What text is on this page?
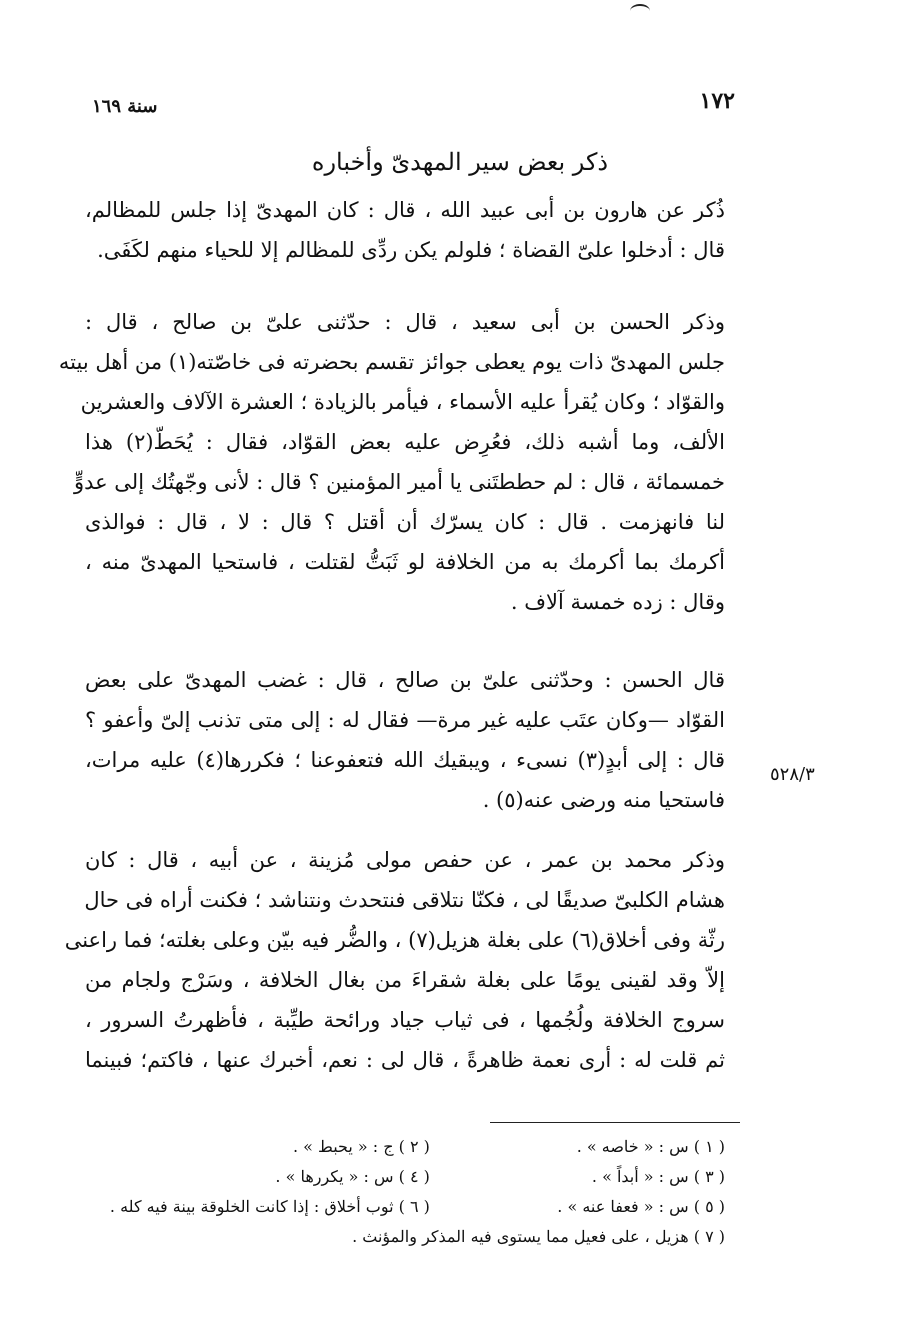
١٧٢
سنة ١٦٩
ذكر بعض سير المهدىّ وأخباره
ذُكر عن هارون بن أبى عبيد الله ، قال : كان المهدىّ إذا جلس للمظالم،
قال : أدخلوا علىّ القضاة ؛ فلولم يكن ردِّى للمظالم إلا للحياء منهم لكَفَى.
وذكر الحسن بن أبى سعيد ، قال : حدّثنى علىّ بن صالح ، قال :
جلس المهدىّ ذات يوم يعطى جوائز تقسم بحضرته فى خاصّته(١) من أهل بيته
والقوّاد ؛ وكان يُقرأ عليه الأسماء ، فيأمر بالزيادة ؛ العشرة الآلاف والعشرين
الألف، وما أشبه ذلك، فعُرِض عليه بعض القوّاد، فقال : يُحَطّ(٢) هذا
خمسمائة ، قال : لم حططتَنى يا أمير المؤمنين ؟ قال : لأنى وجّهتُك إلى عدوٍّ
لنا فانهزمت . قال : كان يسرّك أن أقتل ؟ قال : لا ، قال : فوالذى
أكرمك بما أكرمك به من الخلافة لو ثَبَتُّ لقتلت ، فاستحيا المهدىّ منه ،
وقال : زده خمسة آلاف .
قال الحسن : وحدّثنى علىّ بن صالح ، قال : غضب المهدىّ على بعض
القوّاد —وكان عتَب عليه غير مرة— فقال له : إلى متى تذنب إلىّ وأعفو ؟
قال : إلى أبدٍ(٣) نسىء ، ويبقيك الله فتعفوعنا ؛ فكررها(٤) عليه مرات،
فاستحيا منه ورضى عنه(٥) .
٥٢٨/٣
وذكر محمد بن عمر ، عن حفص مولى مُزينة ، عن أبيه ، قال : كان
هشام الكلبىّ صديقًا لى ، فكنّا نتلاقى فنتحدث ونتناشد ؛ فكنت أراه فى حال
رثّة وفى أخلاق(٦) على بغلة هزيل(٧) ، والضُّر فيه بيّن وعلى بغلته؛ فما راعنى
إلاّ وقد لقينى يومًا على بغلة شقراءَ من بغال الخلافة ، وسَرْج ولجام من
سروج الخلافة ولُجُمها ، فى ثياب جياد ورائحة طيِّبة ، فأظهرتُ السرور ،
ثم قلت له : أرى نعمة ظاهرةً ، قال لى : نعم، أخبرك عنها ، فاكتم؛ فبينما
( ١ ) س : « خاصه » . ( ٢ ) ج : « يحبط » .
( ٣ ) س : « أبداً » . ( ٤ ) س : « يكررها » .
( ٥ ) س : « فعفا عنه » . ( ٦ ) ثوب أخلاق : إذا كانت الخلوقة بينة فيه كله .
( ٧ ) هزيل ، على فعيل مما يستوى فيه المذكر والمؤنث .
